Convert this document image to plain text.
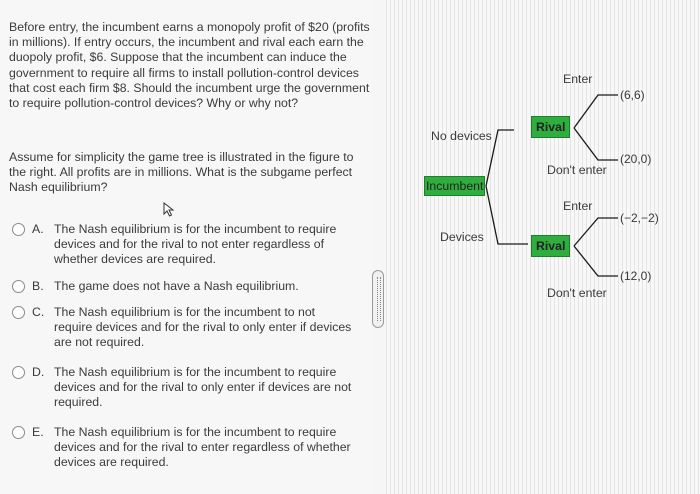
Before entry, the incumbent earns a monopoly profit of $20 (profits in millions). If entry occurs, the incumbent and rival each earn the duopoly profit, $6. Suppose that the incumbent can induce the government to require all firms to install pollution-control devices that cost each firm $8. Should the incumbent urge the government to require pollution-control devices? Why or why not?

Assume for simplicity the game tree is illustrated in the figure to the right. All profits are in millions. What is the subgame perfect Nash equilibrium?

A. The Nash equilibrium is for the incumbent to require devices and for the rival to not enter regardless of whether devices are required.
B. The game does not have a Nash equilibrium.
C. The Nash equilibrium is for the incumbent to not require devices and for the rival to only enter if devices are not required.
D. The Nash equilibrium is for the incumbent to require devices and for the rival to only enter if devices are not required.
E. The Nash equilibrium is for the incumbent to require devices and for the rival to enter regardless of whether devices are required.
No devices
Devices
Incumbent
Rival
Rival
Enter
Don't enter
Enter
Don't enter
(6,6)
(20,0)
(−2,−2)
(12,0)
